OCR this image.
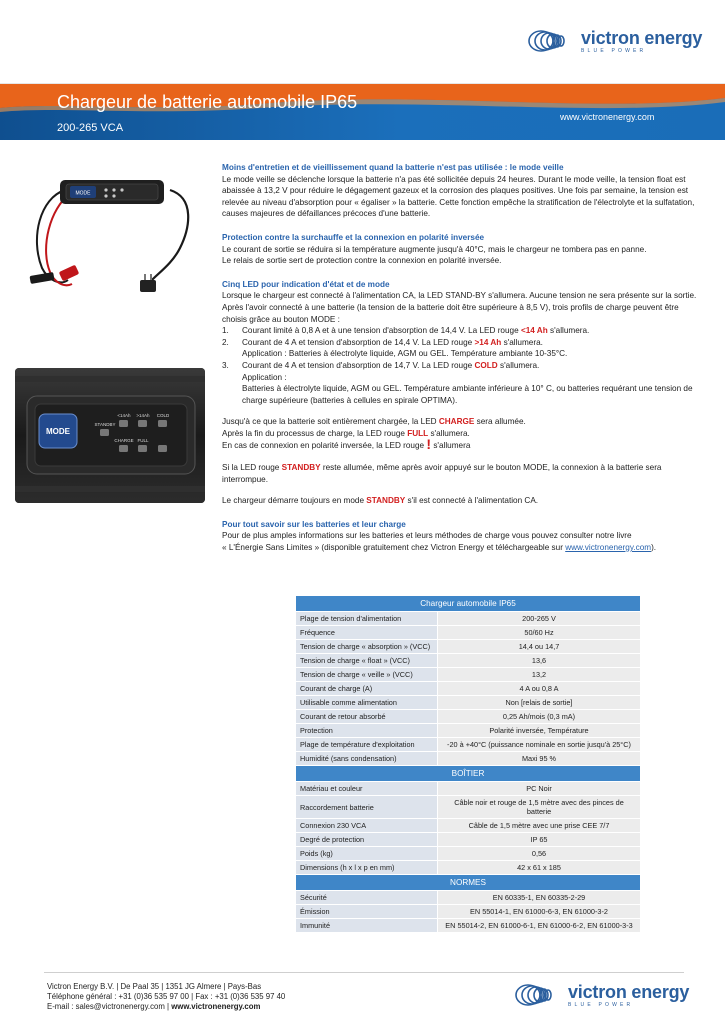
victron energy
BLUE POWER
Chargeur de batterie automobile IP65
200-265 VCA
www.victronenergy.com
MODE
MODE
STANDBY
<14Ah >14Ah COLD
CHARGE FULL

Moins d'entretien et de vieillissement quand la batterie n'est pas utilisée : le mode veille

Le mode veille se déclenche lorsque la batterie n'a pas été sollicitée depuis 24 heures. Durant le mode veille, la tension float est abaissée à 13,2 V pour réduire le dégagement gazeux et la corrosion des plaques positives. Une fois par semaine, la tension est relevée au niveau d'absorption pour « égaliser » la batterie. Cette fonction empêche la stratification de l'électrolyte et la sulfatation, causes majeures de défaillances précoces d'une batterie.

Protection contre la surchauffe et la connexion en polarité inversée

Le courant de sortie se réduira si la température augmente jusqu'à 40°C, mais le chargeur ne tombera pas en panne.

Le relais de sortie sert de protection contre la connexion en polarité inversée.

Cinq LED pour indication d'état et de mode

Lorsque le chargeur est connecté à l'alimentation CA, la LED STAND-BY s'allumera. Aucune tension ne sera présente sur la sortie.

Après l'avoir connecté à une batterie (la tension de la batterie doit être supérieure à 8,5 V), trois profils de charge peuvent être choisis grâce au bouton MODE :

1.	Courant limité à 0,8 A et à une tension d'absorption de 14,4 V. La LED rouge <14 Ah s'allumera.

2.	Courant de 4 A et tension d'absorption de 14,4 V. La LED rouge >14 Ah s'allumera.

Application : Batteries à électrolyte liquide, AGM ou GEL. Température ambiante 10-35°C.

3.	Courant de 4 A et tension d'absorption de 14,7 V. La LED rouge COLD s'allumera.

Application :

Batteries à électrolyte liquide, AGM ou GEL. Température ambiante inférieure à 10° C, ou batteries requérant une tension de charge supérieure (batteries à cellules en spirale OPTIMA).

Jusqu'à ce que la batterie soit entièrement chargée, la LED CHARGE sera allumée.

Après la fin du processus de charge, la LED rouge FULL s'allumera.

En cas de connexion en polarité inversée, la LED rouge ! s'allumera

Si la LED rouge STANDBY reste allumée, même après avoir appuyé sur le bouton MODE, la connexion à la batterie sera interrompue.

Le chargeur démarre toujours en mode STANDBY s'il est connecté à l'alimentation CA.

Pour tout savoir sur les batteries et leur charge

Pour de plus amples informations sur les batteries et leurs méthodes de charge vous pouvez consulter notre livre

« L'Énergie Sans Limites » (disponible gratuitement chez Victron Energy et téléchargeable sur www.victronenergy.com).

Chargeur automobile IP65	
Plage de tension d'alimentation	200-265 V
Fréquence	50/60 Hz
Tension de charge « absorption » (VCC)	14,4 ou 14,7
Tension de charge « float » (VCC)	13,6
Tension de charge « veille » (VCC)	13,2
Courant de charge (A)	4 A ou 0,8 A
Utilisable comme alimentation	Non [relais de sortie]
Courant de retour absorbé	0,25 Ah/mois (0,3 mA)
Protection	Polarité inversée, Température
Plage de température d'exploitation	-20 à +40°C (puissance nominale en sortie jusqu'à 25°C)
Humidité (sans condensation)	Maxi 95 %
BOÎTIER	
Matériau et couleur	PC Noir
Raccordement batterie	Câble noir et rouge de 1,5 mètre avec des pinces de batterie
Connexion 230 VCA	Câble de 1,5 mètre avec une prise CEE 7/7
Degré de protection	IP 65
Poids (kg)	0,56
Dimensions (h x l x p en mm)	42 x 61 x 185
NORMES	
Sécurité	EN 60335-1, EN 60335-2-29
Émission	EN 55014-1, EN 61000-6-3, EN 61000-3-2
Immunité	EN 55014-2, EN 61000-6-1, EN 61000-6-2, EN 61000-3-3
Victron Energy B.V. | De Paal 35 | 1351 JG Almere | Pays-Bas
Téléphone général : +31 (0)36 535 97 00 | Fax : +31 (0)36 535 97 40
E-mail : sales@victronenergy.com | www.victronenergy.com
victron energy
BLUE POWER
